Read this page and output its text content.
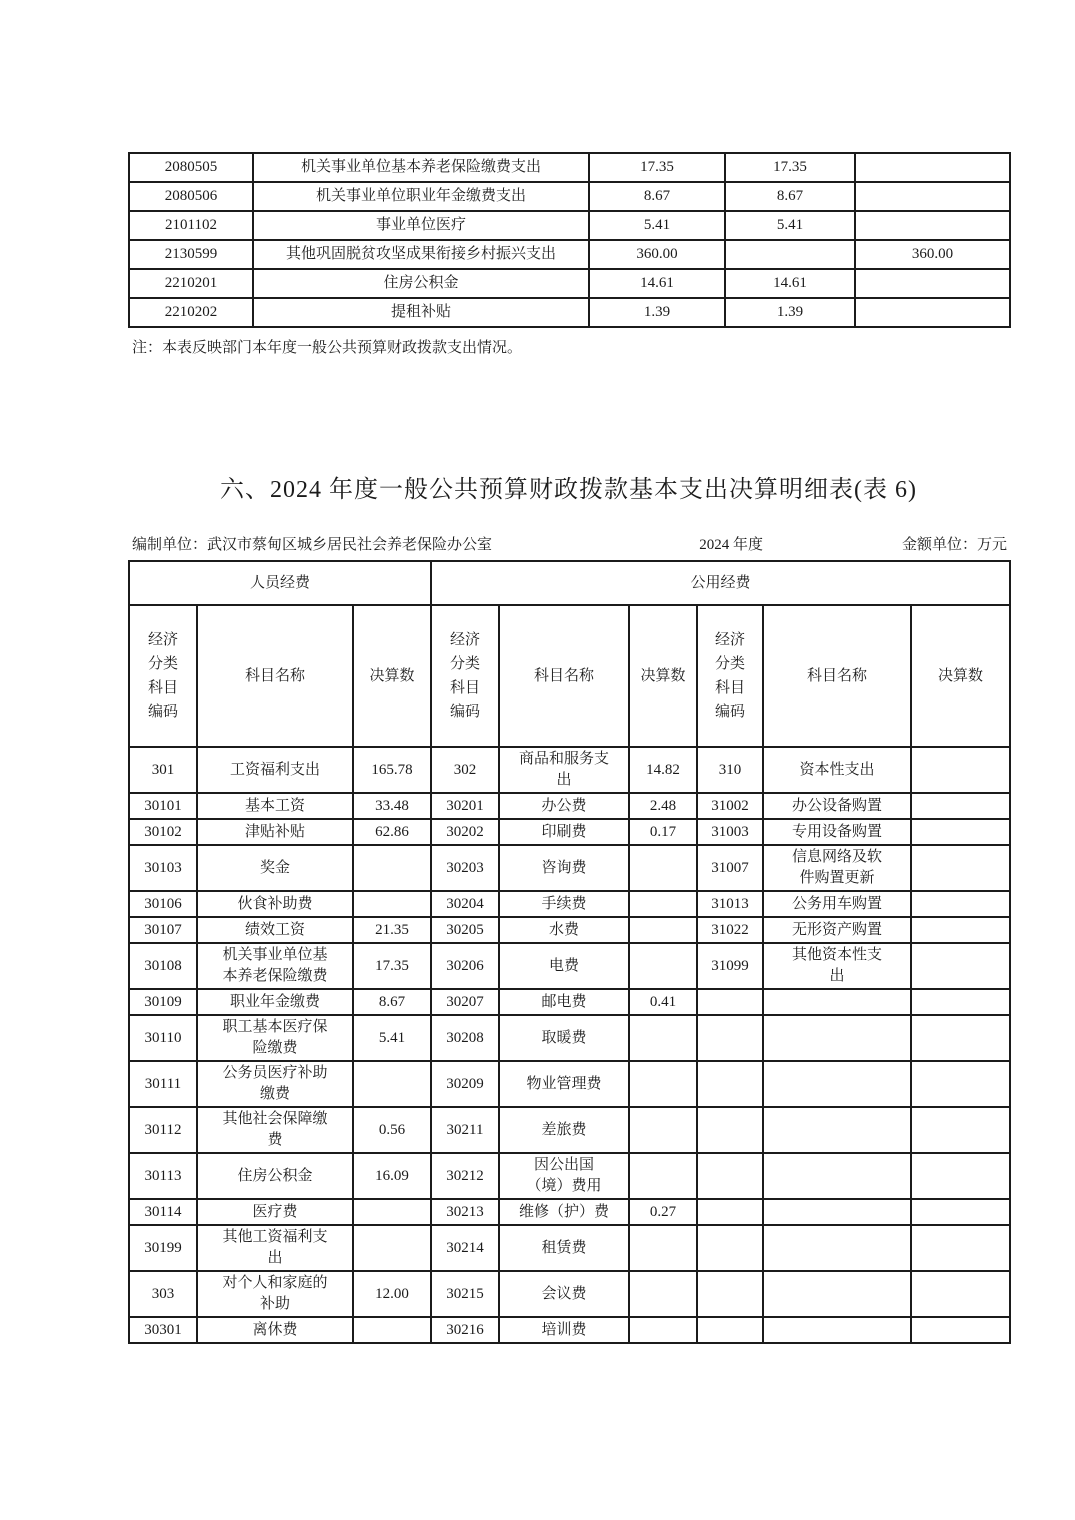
2080505	机关事业单位基本养老保险缴费支出	17.35	17.35	
2080506	机关事业单位职业年金缴费支出	8.67	8.67	
2101102	事业单位医疗	5.41	5.41	
2130599	其他巩固脱贫攻坚成果衔接乡村振兴支出	360.00		360.00
2210201	住房公积金	14.61	14.61	
2210202	提租补贴	1.39	1.39	

注：本表反映部门本年度一般公共预算财政拨款支出情况。

六、2024 年度一般公共预算财政拨款基本支出决算明细表(表 6)
编制单位：武汉市蔡甸区城乡居民社会养老保险办公室	2024 年度	金额单位：万元
人员经费			公用经费					
经济分类科目编码	科目名称	决算数	经济分类科目编码	科目名称	决算数	经济分类科目编码	科目名称	决算数
301	工资福利支出	165.78	302	商品和服务支出	14.82	310	资本性支出	
30101	基本工资	33.48	30201	办公费	2.48	31002	办公设备购置	
30102	津贴补贴	62.86	30202	印刷费	0.17	31003	专用设备购置	
30103	奖金		30203	咨询费		31007	信息网络及软件购置更新	
30106	伙食补助费		30204	手续费		31013	公务用车购置	
30107	绩效工资	21.35	30205	水费		31022	无形资产购置	
30108	机关事业单位基本养老保险缴费	17.35	30206	电费		31099	其他资本性支出	
30109	职业年金缴费	8.67	30207	邮电费	0.41			
30110	职工基本医疗保险缴费	5.41	30208	取暖费				
30111	公务员医疗补助缴费		30209	物业管理费				
30112	其他社会保障缴费	0.56	30211	差旅费				
30113	住房公积金	16.09	30212	因公出国（境）费用				
30114	医疗费		30213	维修（护）费	0.27			
30199	其他工资福利支出		30214	租赁费				
303	对个人和家庭的补助	12.00	30215	会议费				
30301	离休费		30216	培训费				
